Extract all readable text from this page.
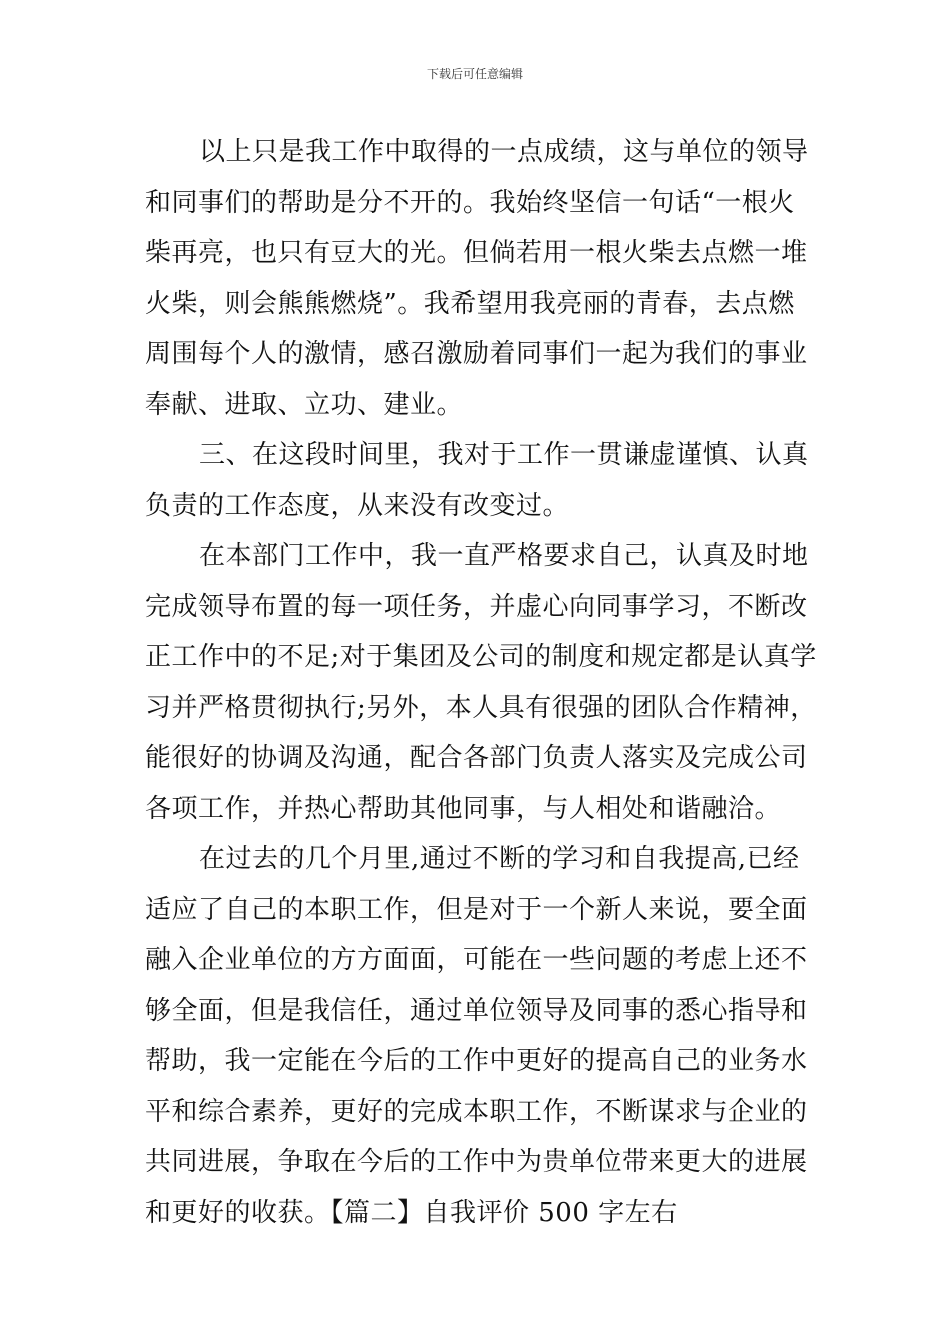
下载后可任意编辑
以上只是我工作中取得的一点成绩，这与单位的领导
和同事们的帮助是分不开的。我始终坚信一句话“一根火
柴再亮，也只有豆大的光。但倘若用一根火柴去点燃一堆
火柴，则会熊熊燃烧”。我希望用我亮丽的青春，去点燃
周围每个人的激情，感召激励着同事们一起为我们的事业
奉献、进取、立功、建业。
三、在这段时间里，我对于工作一贯谦虚谨慎、认真
负责的工作态度，从来没有改变过。
在本部门工作中，我一直严格要求自己，认真及时地
完成领导布置的每一项任务，并虚心向同事学习，不断改
正工作中的不足;对于集团及公司的制度和规定都是认真学
习并严格贯彻执行;另外，本人具有很强的团队合作精神，
能很好的协调及沟通，配合各部门负责人落实及完成公司
各项工作，并热心帮助其他同事，与人相处和谐融洽。
在过去的几个月里,通过不断的学习和自我提高,已经
适应了自己的本职工作，但是对于一个新人来说，要全面
融入企业单位的方方面面，可能在一些问题的考虑上还不
够全面，但是我信任，通过单位领导及同事的悉心指导和
帮助，我一定能在今后的工作中更好的提高自己的业务水
平和综合素养，更好的完成本职工作，不断谋求与企业的
共同进展，争取在今后的工作中为贵单位带来更大的进展
和更好的收获。【篇二】自我评价 500 字左右
